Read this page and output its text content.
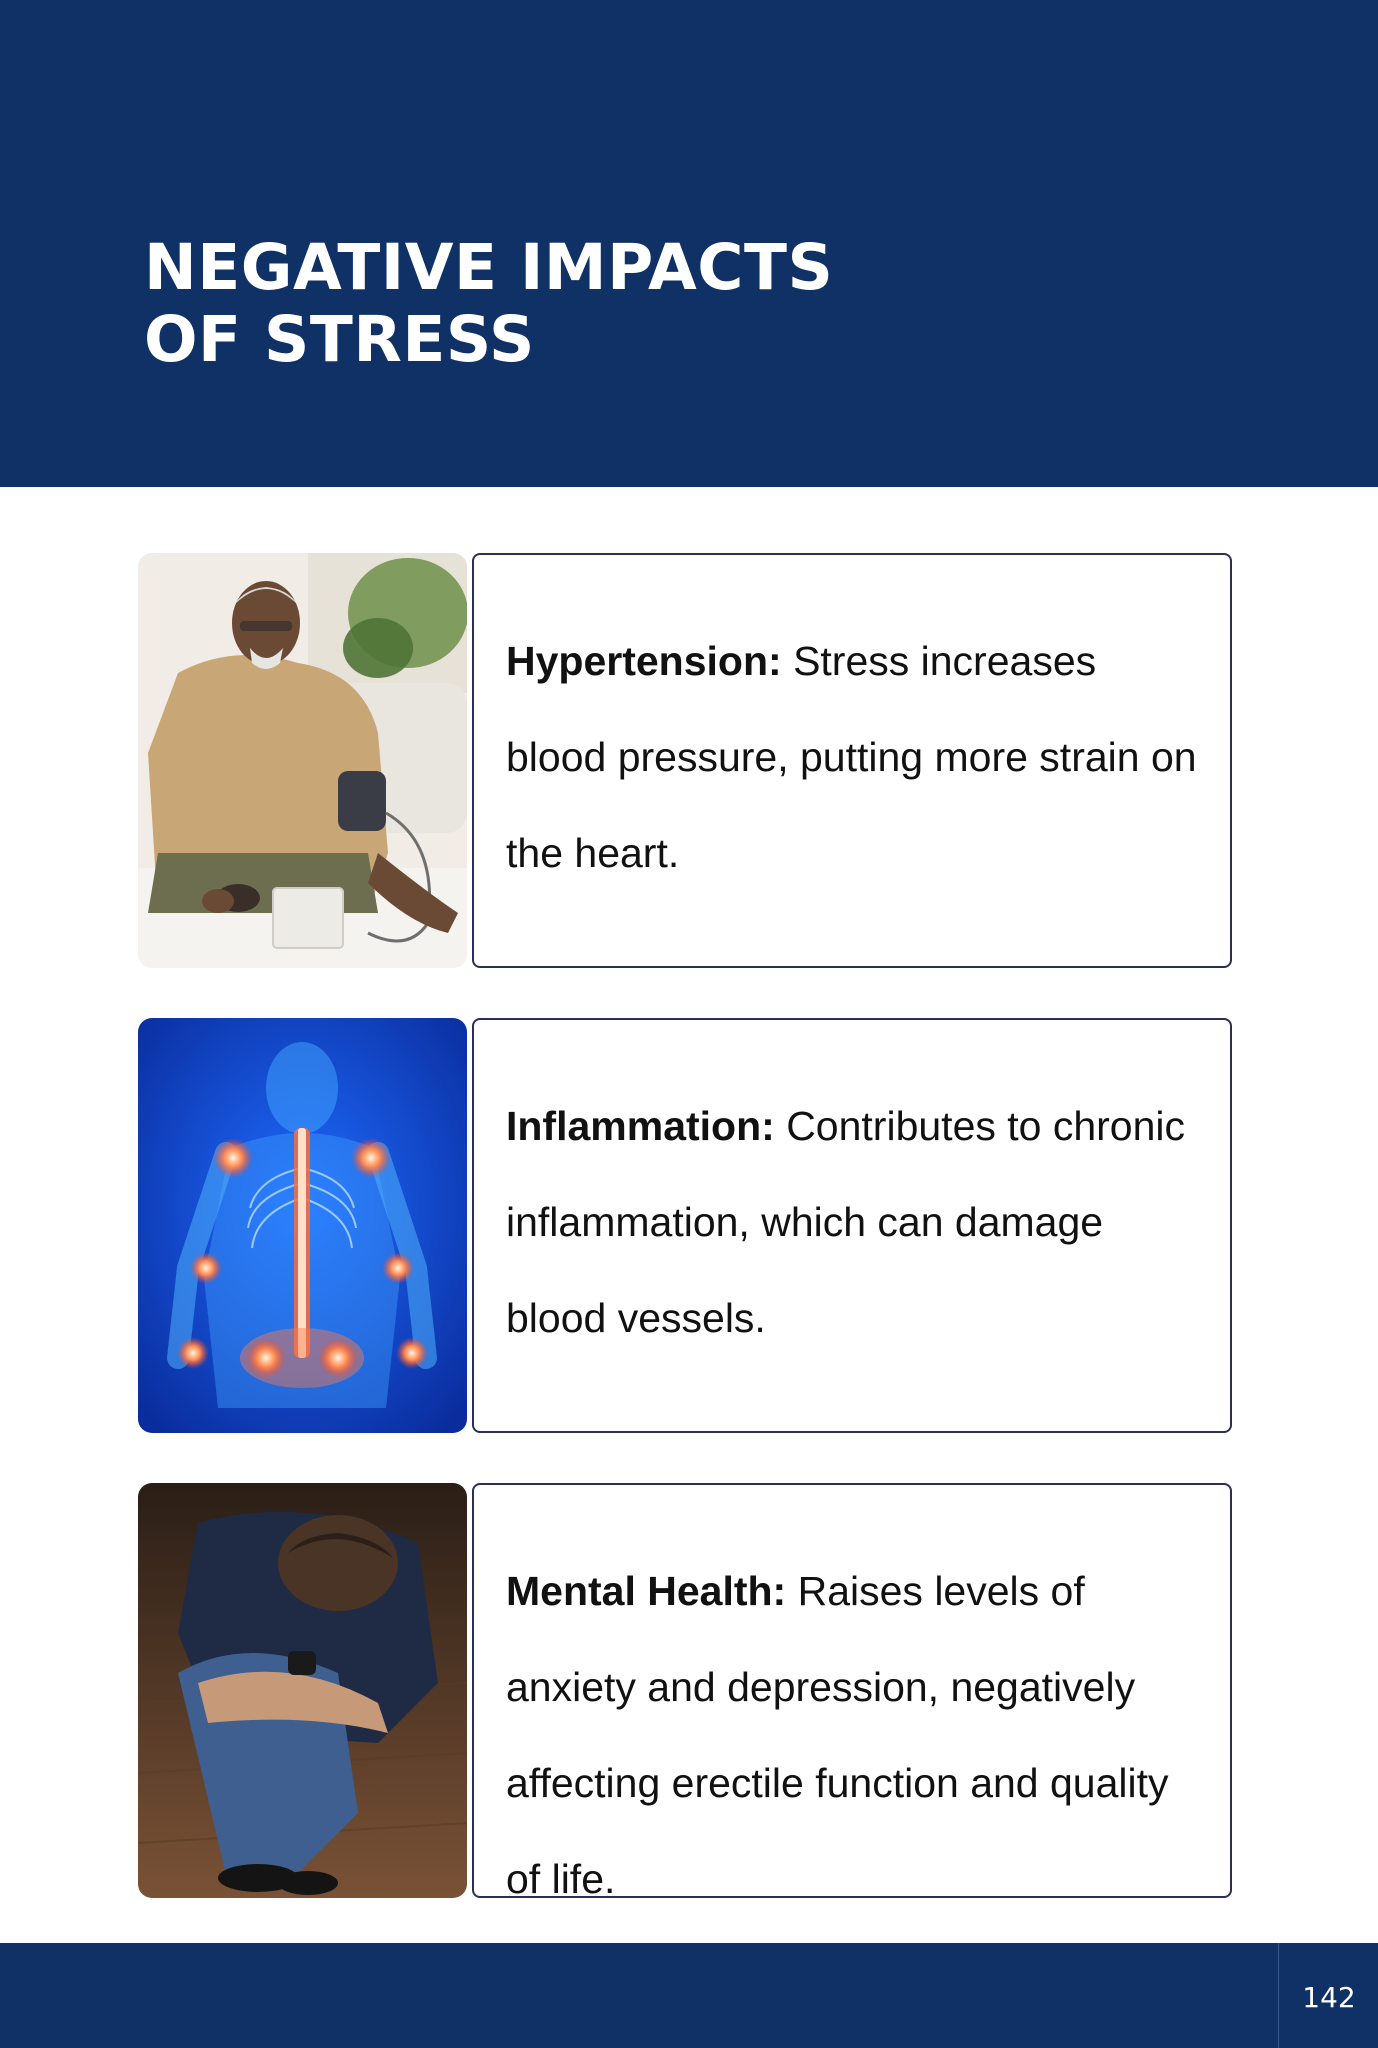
NEGATIVE IMPACTS
OF STRESS

Hypertension: Stress increases blood pressure, putting more strain on the heart.

Inflammation: Contributes to chronic inflammation, which can damage blood vessels.

Mental Health: Raises levels of anxiety and depression, negatively affecting erectile function and quality of life.

142
